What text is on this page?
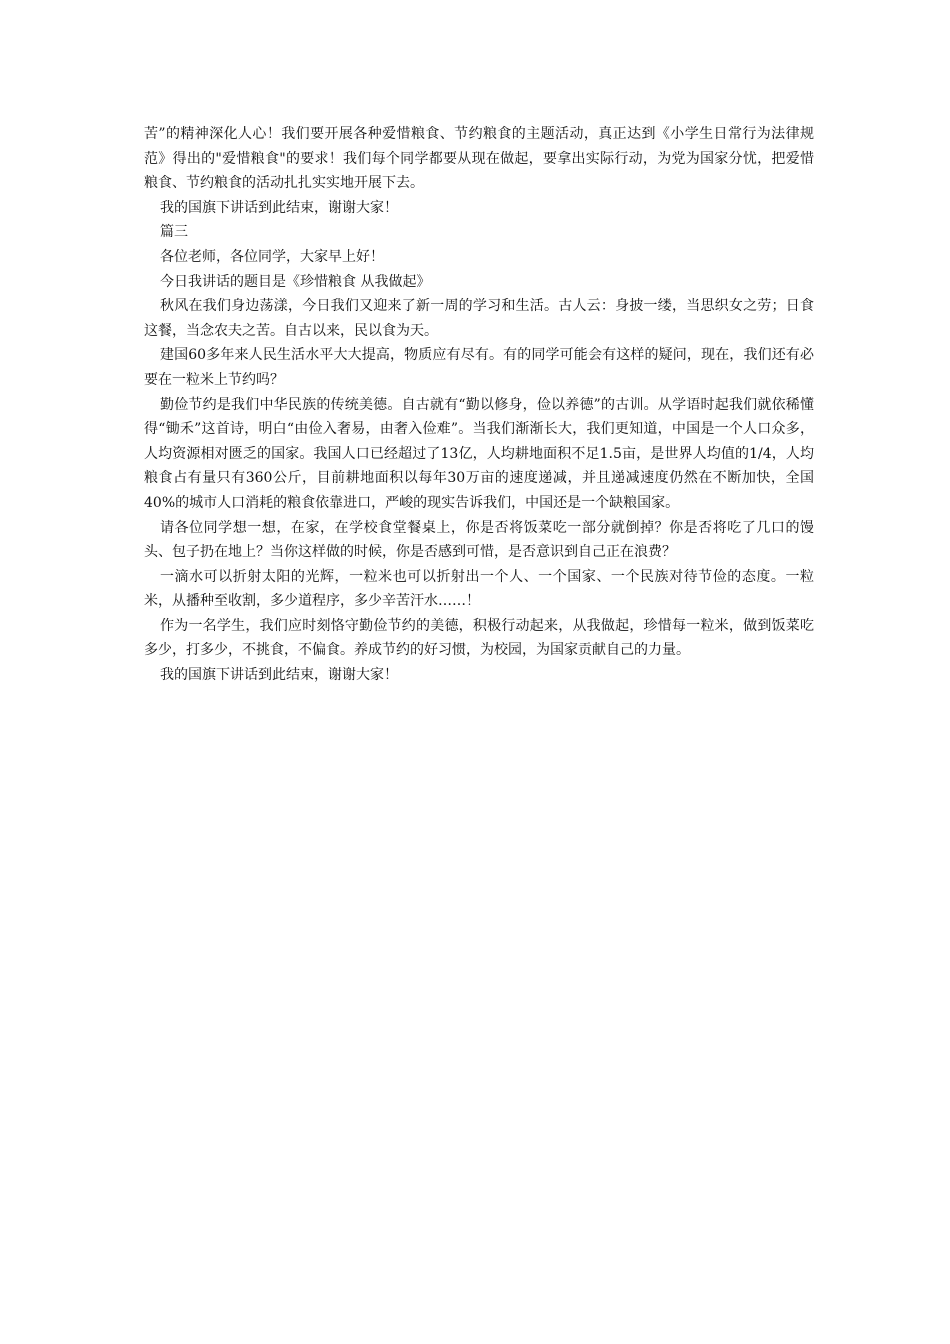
苦”的精神深化人心！我们要开展各种爱惜粮食、节约粮食的主题活动，真正达到《小学生日常行为法律规范》得出的"爱惜粮食"的要求！我们每个同学都要从现在做起，要拿出实际行动，为党为国家分忧，把爱惜粮食、节约粮食的活动扎扎实实地开展下去。

我的国旗下讲话到此结束，谢谢大家！

篇三

各位老师，各位同学，大家早上好！

今日我讲话的题目是《珍惜粮食 从我做起》

秋风在我们身边荡漾，今日我们又迎来了新一周的学习和生活。古人云：身披一缕，当思织女之劳；日食这餐，当念农夫之苦。自古以来，民以食为天。

建国60多年来人民生活水平大大提高，物质应有尽有。有的同学可能会有这样的疑问，现在，我们还有必要在一粒米上节约吗？

勤俭节约是我们中华民族的传统美德。自古就有“勤以修身，俭以养德”的古训。从学语时起我们就依稀懂得“锄禾”这首诗，明白“由俭入奢易，由奢入俭难”。当我们渐渐长大，我们更知道，中国是一个人口众多，人均资源相对匮乏的国家。我国人口已经超过了13亿，人均耕地面积不足1.5亩，是世界人均值的1/4，人均粮食占有量只有360公斤，目前耕地面积以每年30万亩的速度递减，并且递减速度仍然在不断加快，全国40%的城市人口消耗的粮食依靠进口，严峻的现实告诉我们，中国还是一个缺粮国家。

请各位同学想一想，在家，在学校食堂餐桌上，你是否将饭菜吃一部分就倒掉？你是否将吃了几口的馒头、包子扔在地上？当你这样做的时候，你是否感到可惜，是否意识到自己正在浪费？

一滴水可以折射太阳的光辉，一粒米也可以折射出一个人、一个国家、一个民族对待节俭的态度。一粒米，从播种至收割，多少道程序，多少辛苦汗水……！

作为一名学生，我们应时刻恪守勤俭节约的美德，积极行动起来，从我做起，珍惜每一粒米，做到饭菜吃多少，打多少，不挑食，不偏食。养成节约的好习惯，为校园，为国家贡献自己的力量。

我的国旗下讲话到此结束，谢谢大家！
